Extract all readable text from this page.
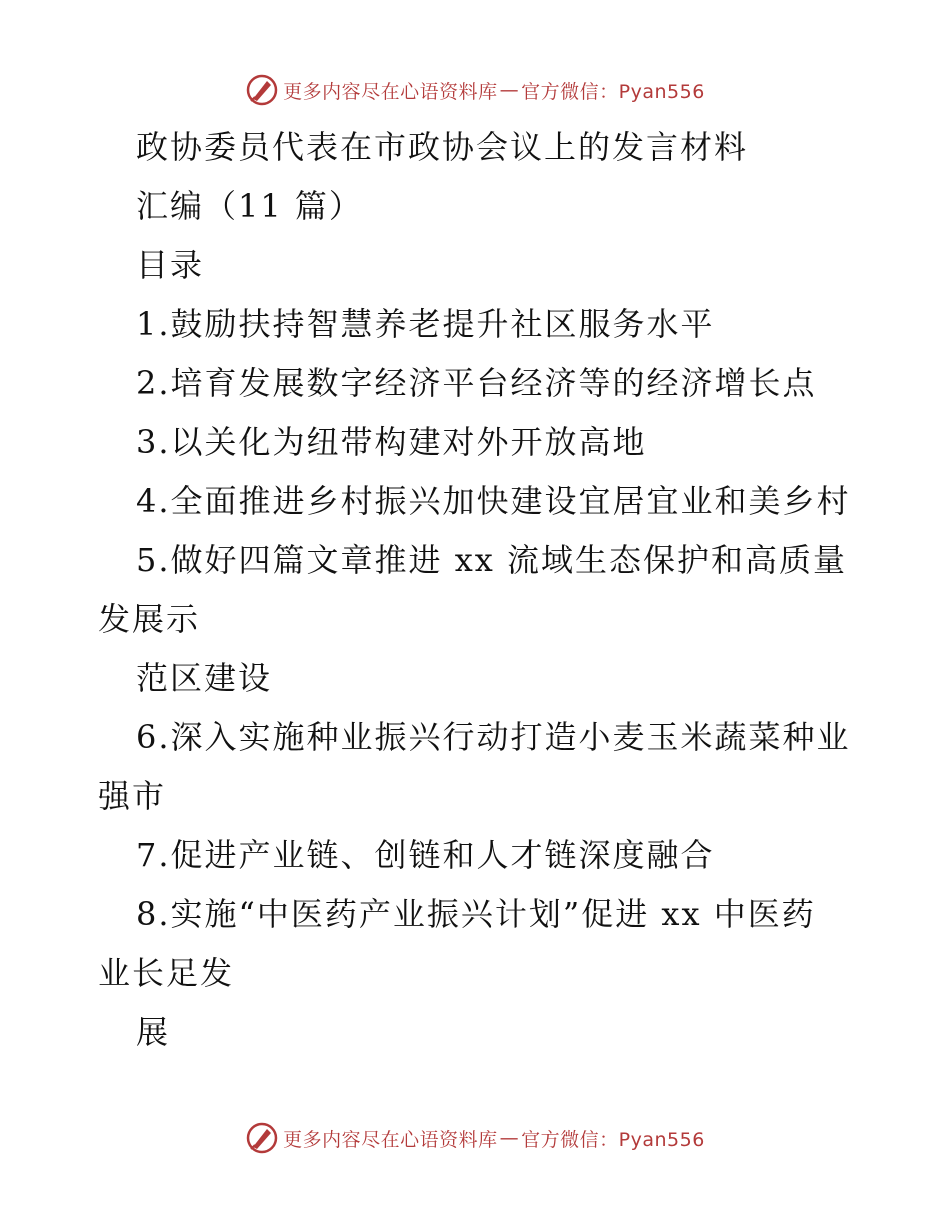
更多内容尽在心语资料库 — 官方微信：Pyan556
政协委员代表在市政协会议上的发言材料
汇编（11 篇）
目录
1.鼓励扶持智慧养老提升社区服务水平
2.培育发展数字经济平台经济等的经济增长点
3.以关化为纽带构建对外开放高地
4.全面推进乡村振兴加快建设宜居宜业和美乡村
5.做好四篇文章推进 xx 流域生态保护和高质量
发展示
范区建设
6.深入实施种业振兴行动打造小麦玉米蔬菜种业
强市
7.促进产业链、创链和人才链深度融合
8.实施“中医药产业振兴计划”促进 xx 中医药
业长足发
展
更多内容尽在心语资料库 — 官方微信：Pyan556
